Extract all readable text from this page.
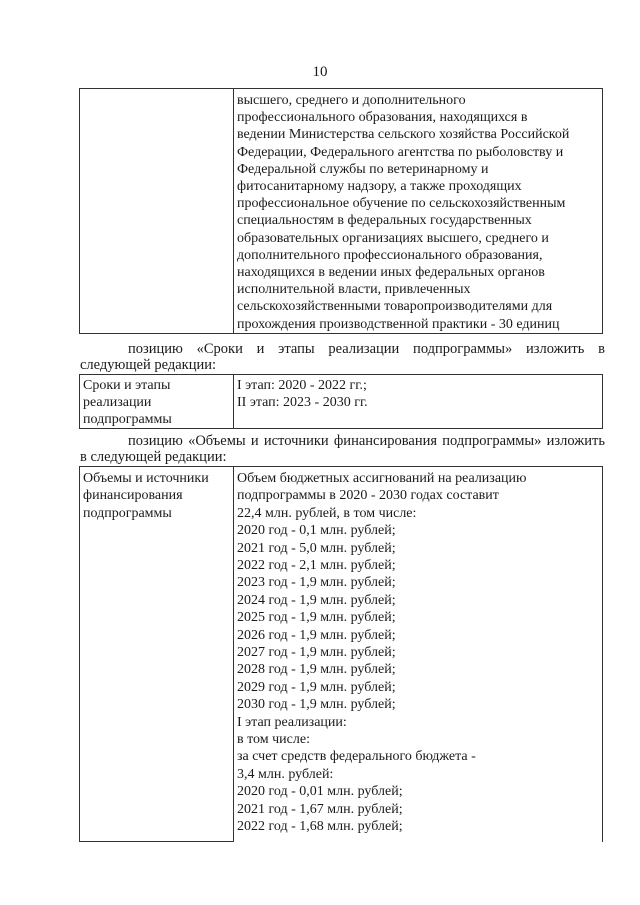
10
высшего, среднего и дополнительного
профессионального образования, находящихся в
ведении Министерства сельского хозяйства Российской
Федерации, Федерального агентства по рыболовству и
Федеральной службы по ветеринарному и
фитосанитарному надзору, а также проходящих
профессиональное обучение по сельскохозяйственным
специальностям в федеральных государственных
образовательных организациях высшего, среднего и
дополнительного профессионального образования,
находящихся в ведении иных федеральных органов
исполнительной власти, привлеченных
сельскохозяйственными товаропроизводителями для
прохождения производственной практики - 30 единиц
позицию «Сроки и этапы реализации подпрограммы» изложить в
следующей редакции:
Сроки и этапы
реализации
подпрограммы
I этап: 2020 - 2022 гг.;
II этап: 2023 - 2030 гг.
позицию «Объемы и источники финансирования подпрограммы» изложить
в следующей редакции:
Объемы и источники
финансирования
подпрограммы
Объем бюджетных ассигнований на реализацию
подпрограммы в 2020 - 2030 годах составит
22,4 млн. рублей, в том числе:
2020 год - 0,1 млн. рублей;
2021 год - 5,0 млн. рублей;
2022 год - 2,1 млн. рублей;
2023 год - 1,9 млн. рублей;
2024 год - 1,9 млн. рублей;
2025 год - 1,9 млн. рублей;
2026 год - 1,9 млн. рублей;
2027 год - 1,9 млн. рублей;
2028 год - 1,9 млн. рублей;
2029 год - 1,9 млн. рублей;
2030 год - 1,9 млн. рублей;
I этап реализации:
в том числе:
за счет средств федерального бюджета -
3,4 млн. рублей:
2020 год - 0,01 млн. рублей;
2021 год - 1,67 млн. рублей;
2022 год - 1,68 млн. рублей;
